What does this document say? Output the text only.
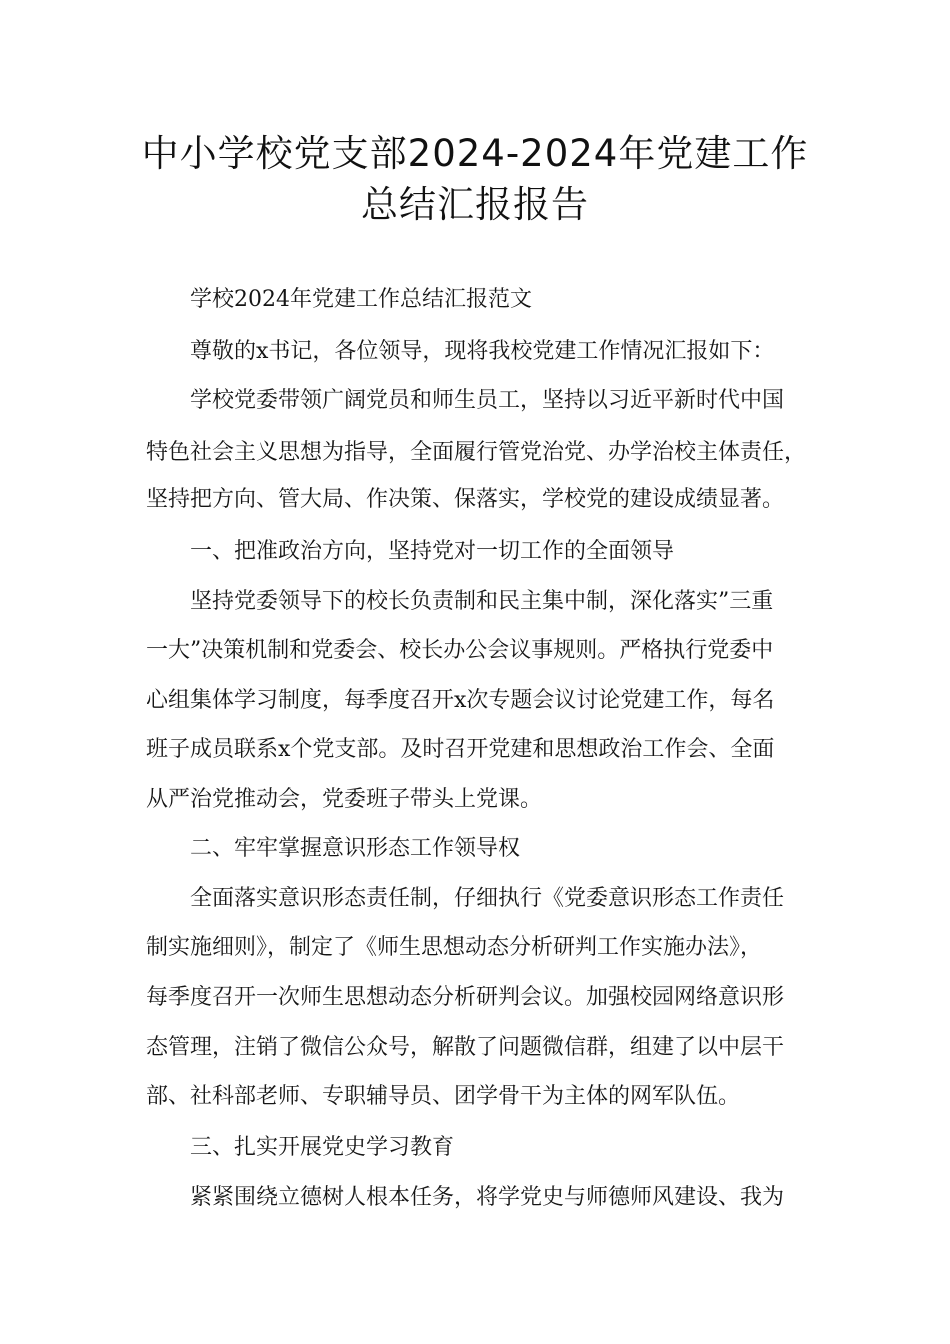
中小学校党支部2024-2024年党建工作
总结汇报报告
学校2024年党建工作总结汇报范文
尊敬的x书记，各位领导，现将我校党建工作情况汇报如下：
学校党委带领广阔党员和师生员工，坚持以习近平新时代中国
特色社会主义思想为指导，全面履行管党治党、办学治校主体责任，
坚持把方向、管大局、作决策、保落实，学校党的建设成绩显著。
一、把准政治方向，坚持党对一切工作的全面领导
坚持党委领导下的校长负责制和民主集中制，深化落实”三重
一大”决策机制和党委会、校长办公会议事规则。严格执行党委中
心组集体学习制度，每季度召开x次专题会议讨论党建工作，每名
班子成员联系x个党支部。及时召开党建和思想政治工作会、全面
从严治党推动会，党委班子带头上党课。
二、牢牢掌握意识形态工作领导权
全面落实意识形态责任制，仔细执行《党委意识形态工作责任
制实施细则》，制定了《师生思想动态分析研判工作实施办法》，
每季度召开一次师生思想动态分析研判会议。加强校园网络意识形
态管理，注销了微信公众号，解散了问题微信群，组建了以中层干
部、社科部老师、专职辅导员、团学骨干为主体的网军队伍。
三、扎实开展党史学习教育
紧紧围绕立德树人根本任务，将学党史与师德师风建设、我为
